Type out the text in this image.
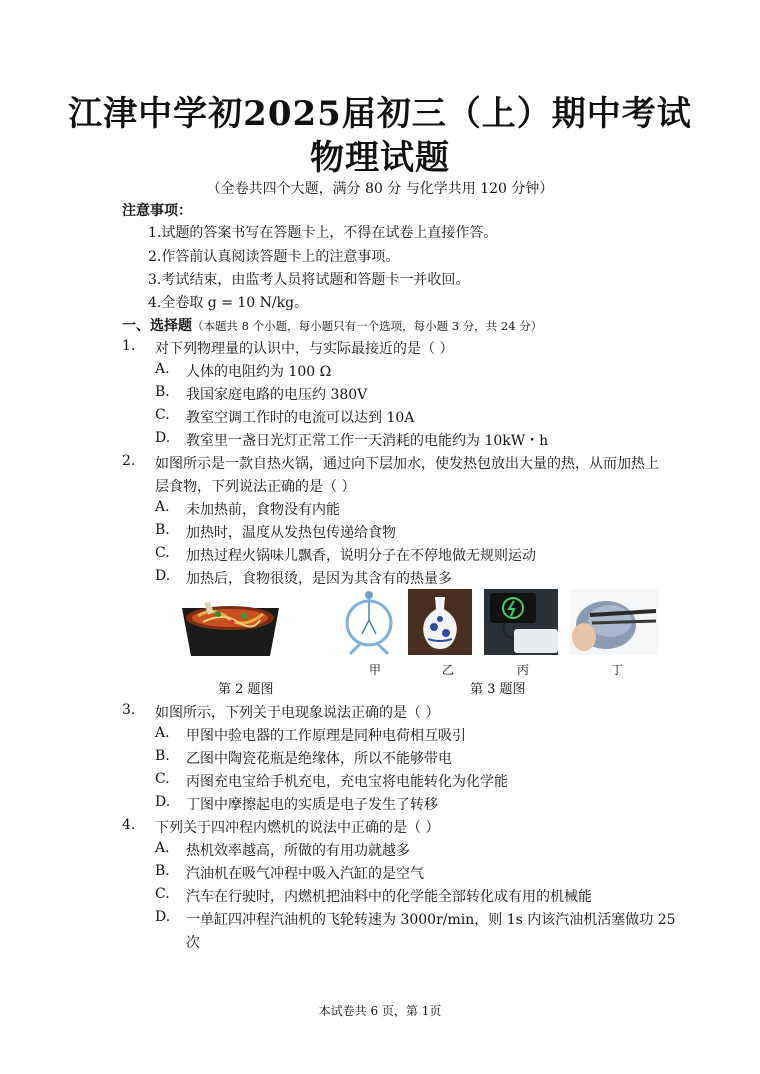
江津中学初2025届初三（上）期中考试
物理试题
（全卷共四个大题，满分 80 分 与化学共用 120 分钟）
注意事项：
1.试题的答案书写在答题卡上，不得在试卷上直接作答。
2.作答前认真阅读答题卡上的注意事项。
3.考试结束，由监考人员将试题和答题卡一并收回。
4.全卷取 g = 10 N/kg。
一、选择题（本题共 8 个小题，每小题只有一个选项，每小题 3 分，共 24 分）
1. 对下列物理量的认识中，与实际最接近的是（ ）
A. 人体的电阻约为 100 Ω
B. 我国家庭电路的电压约 380V
C. 教室空调工作时的电流可以达到 10A
D. 教室里一盏日光灯正常工作一天消耗的电能约为 10kW・h
2. 如图所示是一款自热火锅，通过向下层加水，使发热包放出大量的热，从而加热上
层食物，下列说法正确的是（ ）
A. 未加热前，食物没有内能
B. 加热时，温度从发热包传递给食物
C. 加热过程火锅味儿飘香，说明分子在不停地做无规则运动
D. 加热后，食物很烫，是因为其含有的热量多
甲	乙	丙	丁
第 2 题图	第 3 题图
3. 如图所示，下列关于电现象说法正确的是（ ）
A. 甲图中验电器的工作原理是同种电荷相互吸引
B. 乙图中陶瓷花瓶是绝缘体，所以不能够带电
C. 丙图充电宝给手机充电，充电宝将电能转化为化学能
D. 丁图中摩擦起电的实质是电子发生了转移
4. 下列关于四冲程内燃机的说法中正确的是（ ）
A. 热机效率越高，所做的有用功就越多
B. 汽油机在吸气冲程中吸入汽缸的是空气
C. 汽车在行驶时，内燃机把油料中的化学能全部转化成有用的机械能
D. 一单缸四冲程汽油机的飞轮转速为 3000r/min，则 1s 内该汽油机活塞做功 25
次
本试卷共 6 页，第 1页
